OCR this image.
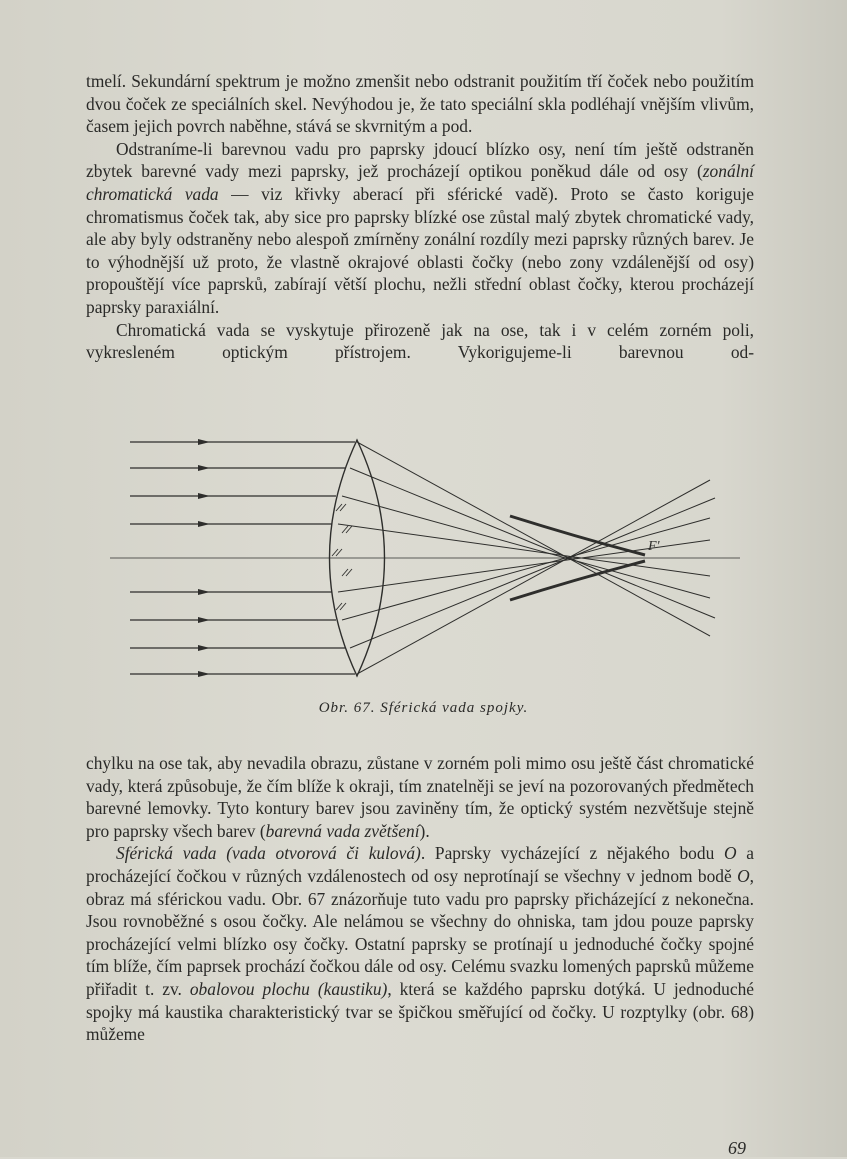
tmelí. Sekundární spektrum je možno zmenšit nebo odstranit použitím tří čoček nebo použitím dvou čoček ze speciálních skel. Nevýhodou je, že tato speciální skla podléhají vnějším vlivům, časem jejich povrch naběhne, stává se skvrnitým a pod.

Odstraníme-li barevnou vadu pro paprsky jdoucí blízko osy, není tím ještě odstraněn zbytek barevné vady mezi paprsky, jež procházejí optikou poněkud dále od osy (zonální chromatická vada — viz křivky aberací při sférické vadě). Proto se často koriguje chromatismus čoček tak, aby sice pro paprsky blízké ose zůstal malý zbytek chromatické vady, ale aby byly odstraněny nebo alespoň zmírněny zonální rozdíly mezi paprsky různých barev. Je to výhodnější už proto, že vlastně okrajové oblasti čočky (nebo zony vzdálenější od osy) propouštějí více paprsků, zabírají větší plochu, nežli střední oblast čočky, kterou procházejí paprsky paraxiální.

Chromatická vada se vyskytuje přirozeně jak na ose, tak i v celém zorném poli, vykresleném optickým přístrojem. Vykorigujeme-li barevnou od-

F'
Obr. 67. Sférická vada spojky.

chylku na ose tak, aby nevadila obrazu, zůstane v zorném poli mimo osu ještě část chromatické vady, která způsobuje, že čím blíže k okraji, tím znatelněji se jeví na pozorovaných předmětech barevné lemovky. Tyto kontury barev jsou zaviněny tím, že optický systém nezvětšuje stejně pro paprsky všech barev (barevná vada zvětšení).

Sférická vada (vada otvorová či kulová). Paprsky vycházející z nějakého bodu O a procházející čočkou v různých vzdálenostech od osy neprotínají se všechny v jednom bodě O, obraz má sférickou vadu. Obr. 67 znázorňuje tuto vadu pro paprsky přicházející z nekonečna. Jsou rovnoběžné s osou čočky. Ale nelámou se všechny do ohniska, tam jdou pouze paprsky procházející velmi blízko osy čočky. Ostatní paprsky se protínají u jednoduché čočky spojné tím blíže, čím paprsek prochází čočkou dále od osy. Celému svazku lomených paprsků můžeme přiřadit t. zv. obalovou plochu (kaustiku), která se každého paprsku dotýká. U jednoduché spojky má kaustika charakteristický tvar se špičkou směřující od čočky. U rozptylky (obr. 68) můžeme

69
